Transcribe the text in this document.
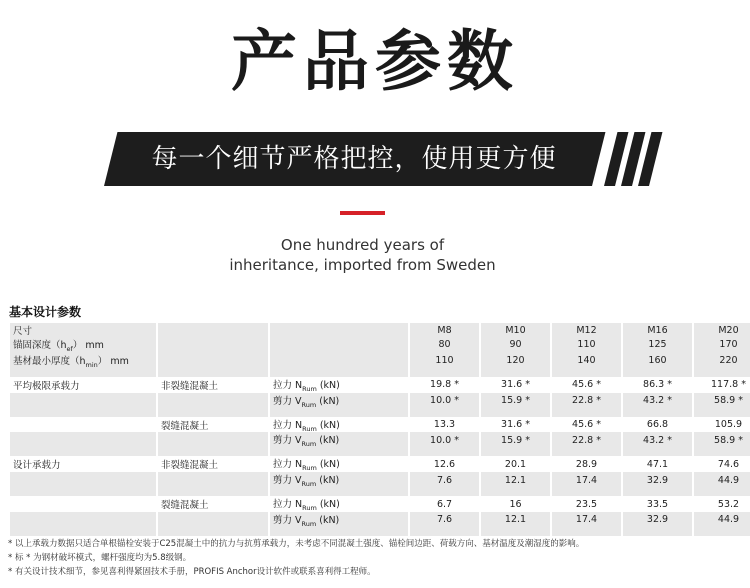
产品参数
每一个细节严格把控，使用更方便
One hundred years of
inheritance, imported from Sweden
基本设计参数
尺寸			M8	M10	M12	M16	M20
锚固深度$(h_{ef})$ mm			80	90	110	125	170
基材最小厚度$(h_{min})$ mm			110	120	140	160	220

平均极限承载力	非裂缝混凝土	拉力 $N_{Rum}$ (kN)	19.8 *	31.6 *	45.6 *	86.3 *	117.8 *
		剪力 $V_{Rum}$ (kN)	10.0 *	15.9 *	22.8 *	43.2 *	58.9 *

	裂缝混凝土	拉力 $N_{Rum}$ (kN)	13.3	31.6 *	45.6 *	66.8	105.9
		剪力 $V_{Rum}$ (kN)	10.0 *	15.9 *	22.8 *	43.2 *	58.9 *

设计承载力	非裂缝混凝土	拉力 $N_{Rum}$ (kN)	12.6	20.1	28.9	47.1	74.6
		剪力 $V_{Rum}$ (kN)	7.6	12.1	17.4	32.9	44.9

	裂缝混凝土	拉力 $N_{Rum}$ (kN)	6.7	16	23.5	33.5	53.2
		剪力 $V_{Rum}$ (kN)	7.6	12.1	17.4	32.9	44.9

* 以上承载力数据只适合单根锚栓安装于C25混凝土中的抗力与抗剪承载力，未考虑不同混凝土强度、锚栓间边距、荷载方向、基材温度及潮湿度的影响。
* 标 * 为钢材破坏模式，螺杆强度均为5.8级钢。
* 有关设计技术细节，参见喜利得紧固技术手册，PROFIS Anchor设计软件或联系喜利得工程师。
